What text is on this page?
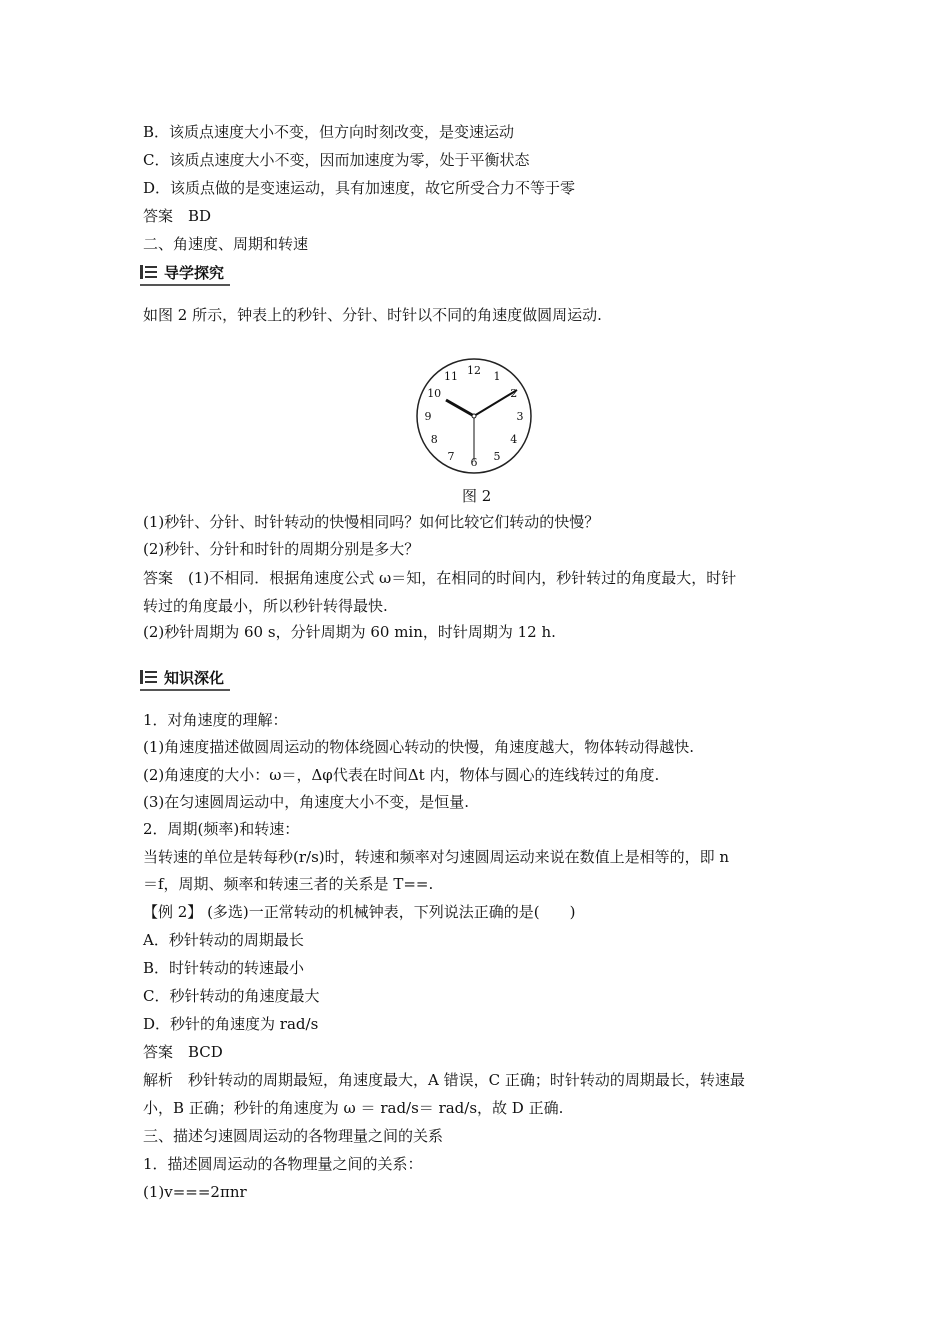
B．该质点速度大小不变，但方向时刻改变，是变速运动
C．该质点速度大小不变，因而加速度为零，处于平衡状态
D．该质点做的是变速运动，具有加速度，故它所受合力不等于零
答案　BD
二、角速度、周期和转速
导学探究
如图 2 所示，钟表上的秒针、分针、时针以不同的角速度做圆周运动.
12 1
2
3
4
5
6
7
8
9
10
11
图 2
(1)秒针、分针、时针转动的快慢相同吗？如何比较它们转动的快慢？
(2)秒针、分针和时针的周期分别是多大？
答案　(1)不相同．根据角速度公式 ω＝知，在相同的时间内，秒针转过的角度最大，时针
转过的角度最小，所以秒针转得最快.
(2)秒针周期为 60 s，分针周期为 60 min，时针周期为 12 h.
知识深化
1．对角速度的理解：
(1)角速度描述做圆周运动的物体绕圆心转动的快慢，角速度越大，物体转动得越快.
(2)角速度的大小：ω＝，Δφ代表在时间Δt 内，物体与圆心的连线转过的角度.
(3)在匀速圆周运动中，角速度大小不变，是恒量.
2．周期(频率)和转速：
当转速的单位是转每秒(r/s)时，转速和频率对匀速圆周运动来说在数值上是相等的，即 n
＝f，周期、频率和转速三者的关系是 T==.
【例 2】 (多选)一正常转动的机械钟表，下列说法正确的是(　　)
A．秒针转动的周期最长
B．时针转动的转速最小
C．秒针转动的角速度最大
D．秒针的角速度为 rad/s
答案　BCD
解析　秒针转动的周期最短，角速度最大，A 错误，C 正确；时针转动的周期最长，转速最
小，B 正确；秒针的角速度为 ω ＝ rad/s＝ rad/s，故 D 正确.
三、描述匀速圆周运动的各物理量之间的关系
1．描述圆周运动的各物理量之间的关系：
(1)v===2πnr
